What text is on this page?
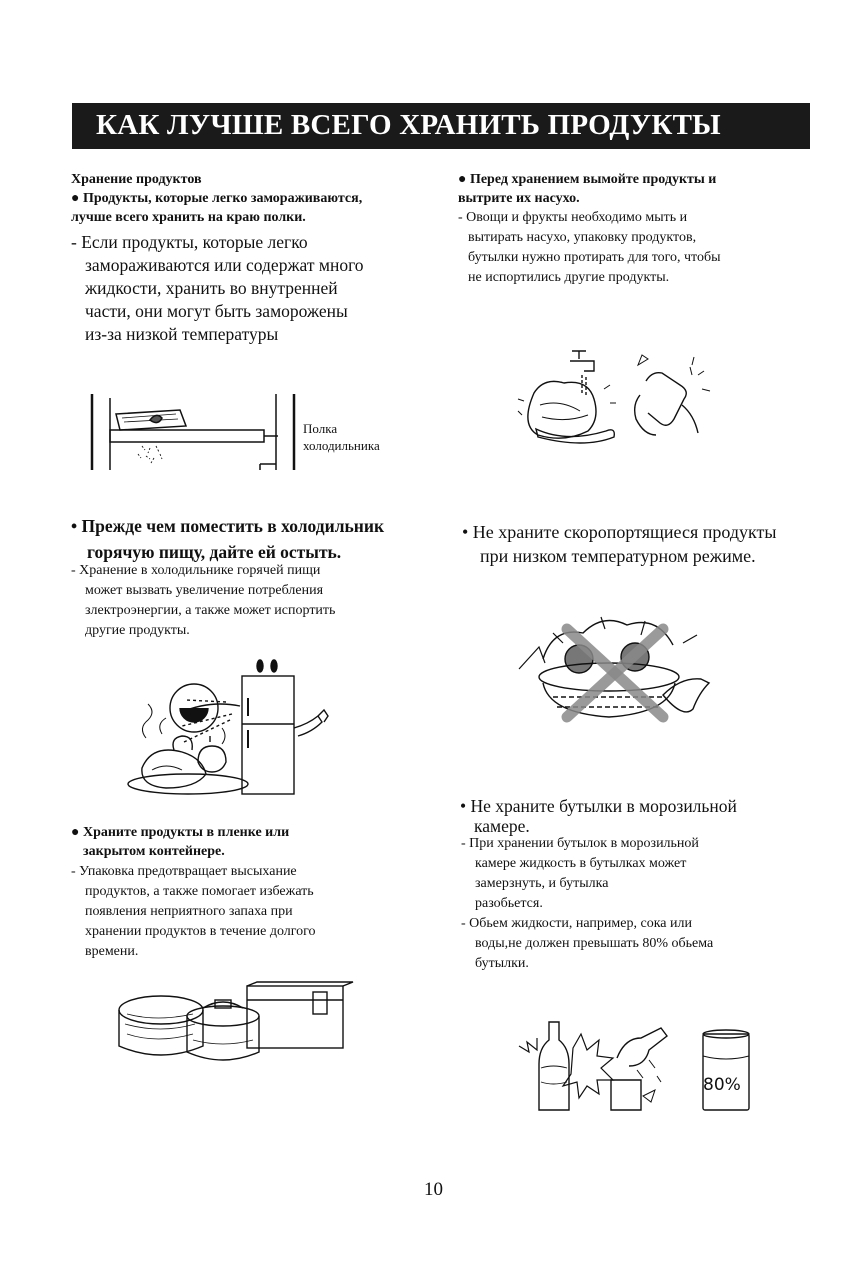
КАК ЛУЧШЕ ВСЕГО ХРАНИТЬ ПРОДУКТЫ
Хранение продуктов
● Продукты, которые легко замораживаются,
лучше всего хранить на краю полки.
- Если продукты, которые легко
замораживаются или содержат много
жидкости, хранить во внутренней
части, они могут быть заморожены
из-за низкой температуры
Полка
холодильника
• Прежде чем поместить в холодильник
горячую пищу, дайте ей остыть.
- Хранение в холодильнике горячей пищи
может вызвать увеличение потребления
злектроэнергии, а также может испортить
другие продукты.
● Храните продукты в пленке или
закрытом контейнере.
- Упаковка предотвращает высыхание
продуктов, а также помогает избежать
появления неприятного запаха при
хранении продуктов в течение долгого
времени.
● Перед хранением вымойте продукты и
вытрите их насухо.
- Овощи и фрукты необходимо мыть и
вытирать насухо, упаковку продуктов,
бутылки нужно протирать для того, чтобы
не испортились другие продукты.
• Не храните скоропортящиеся продукты
при низком температурном режиме.
• Не храните бутылки в морозильной
камере.
- При хранении бутылок в морозильной
камере жидкость в бутылках может
замерзнуть, и бутылка
разобьется.
- Обьем жидкости, например, сока или
воды,не должен превышать 80% обьема
бутылки.
80%
10
